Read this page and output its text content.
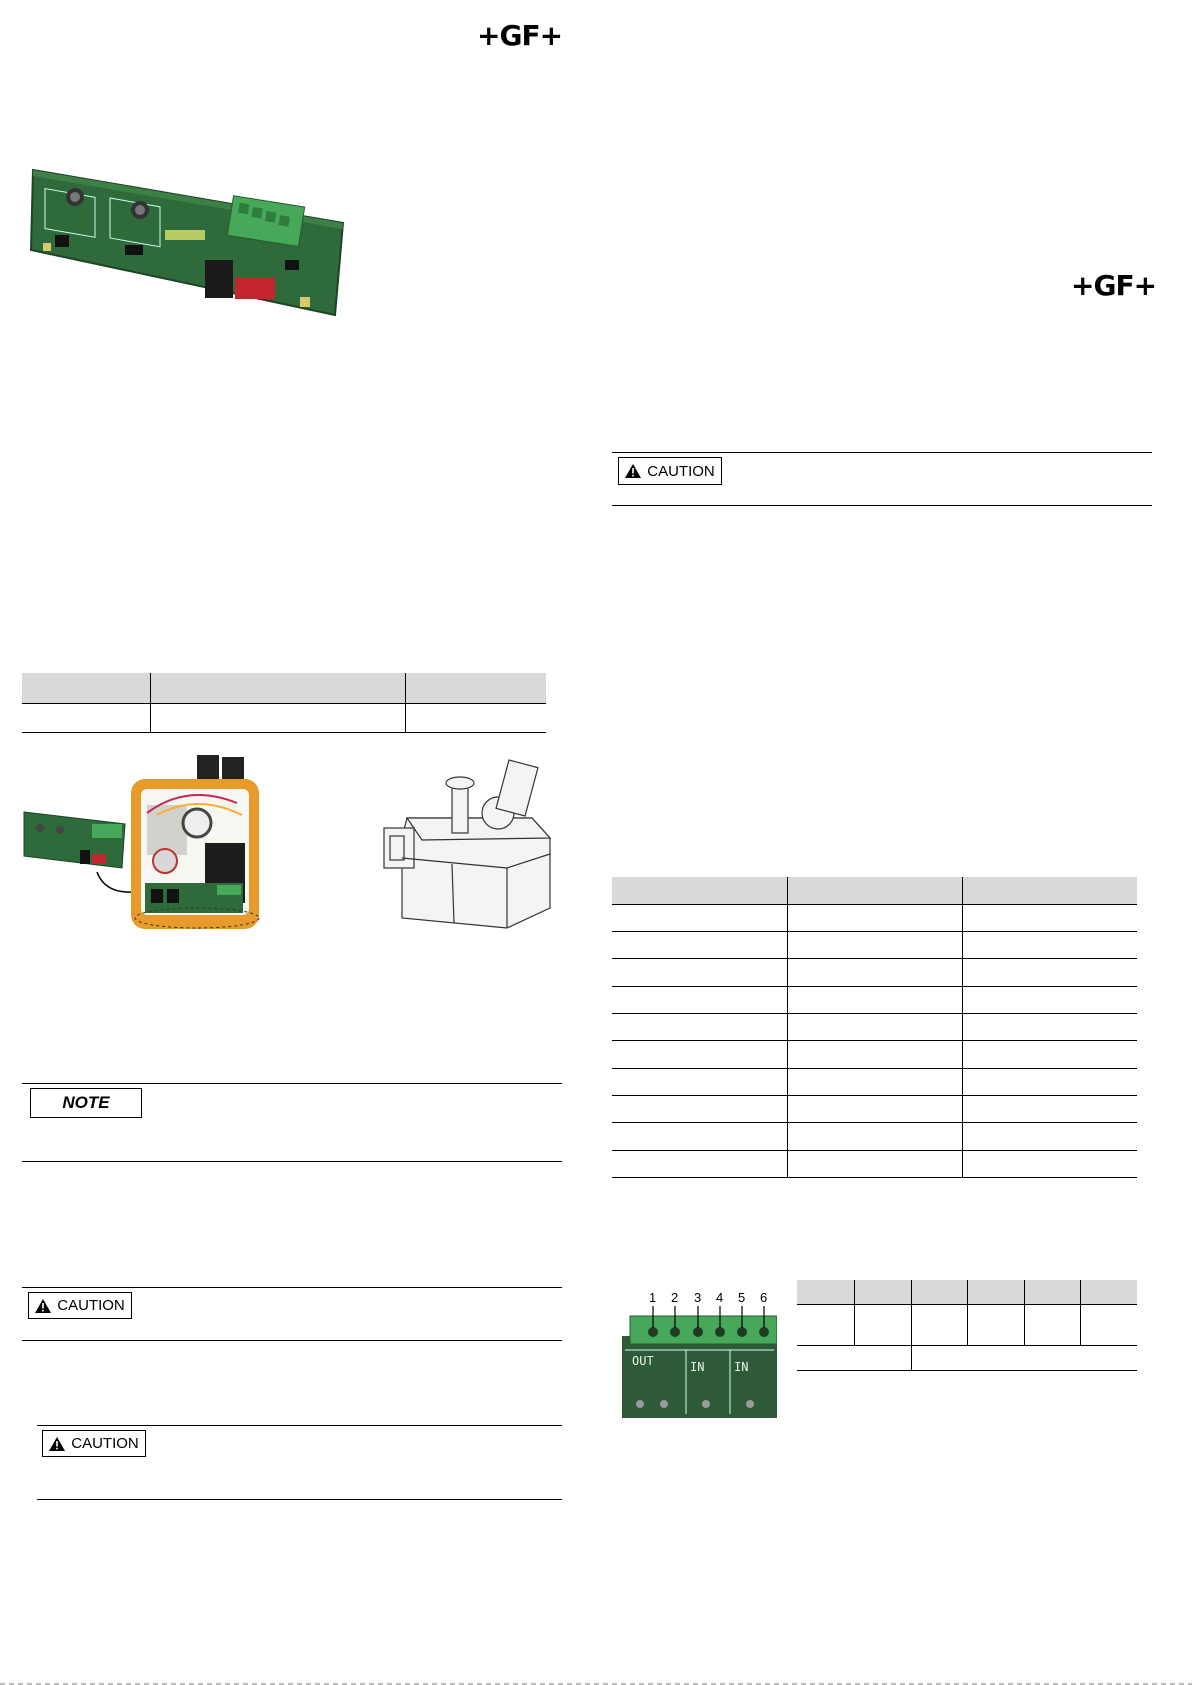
+GF+
NOTE
CAUTION
CAUTION
+GF+
CAUTION
1 2 3 4 5 6
OUT	IN IN
